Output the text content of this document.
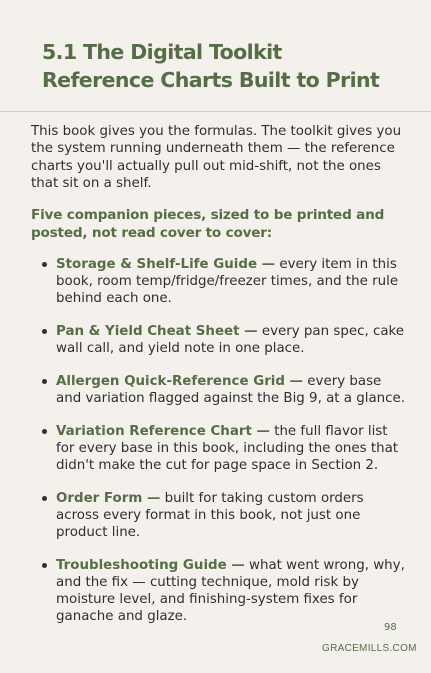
5.1 The Digital Toolkit
Reference Charts Built to Print

This book gives you the formulas. The toolkit gives you the system running underneath them — the reference charts you'll actually pull out mid-shift, not the ones that sit on a shelf.

Five companion pieces, sized to be printed and posted, not read cover to cover:

Storage & Shelf-Life Guide — every item in this book, room temp/fridge/freezer times, and the rule behind each one.
Pan & Yield Cheat Sheet — every pan spec, cake wall call, and yield note in one place.
Allergen Quick-Reference Grid — every base and variation flagged against the Big 9, at a glance.
Variation Reference Chart — the full flavor list for every base in this book, including the ones that didn't make the cut for page space in Section 2.
Order Form — built for taking custom orders across every format in this book, not just one product line.
Troubleshooting Guide — what went wrong, why, and the fix — cutting technique, mold risk by moisture level, and finishing-system fixes for ganache and glaze.
98
GRACEMILLS.COM
